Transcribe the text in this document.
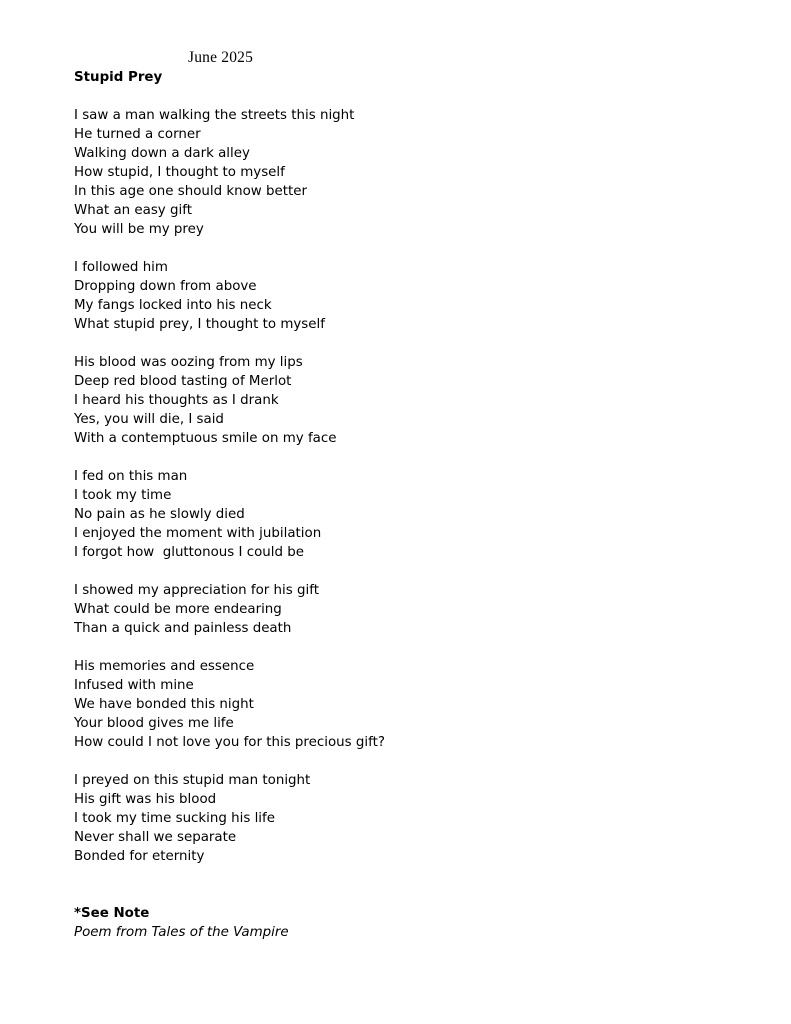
June 2025
Stupid Prey
I saw a man walking the streets this night
He turned a corner
Walking down a dark alley
How stupid, I thought to myself
In this age one should know better
What an easy gift
You will be my prey
I followed him
Dropping down from above
My fangs locked into his neck
What stupid prey, I thought to myself
His blood was oozing from my lips
Deep red blood tasting of Merlot
I heard his thoughts as I drank
Yes, you will die, I said
With a contemptuous smile on my face
I fed on this man
I took my time
No pain as he slowly died
I enjoyed the moment with jubilation
I forgot how  gluttonous I could be
I showed my appreciation for his gift
What could be more endearing
Than a quick and painless death
His memories and essence
Infused with mine
We have bonded this night
Your blood gives me life
How could I not love you for this precious gift?
I preyed on this stupid man tonight
His gift was his blood
I took my time sucking his life
Never shall we separate
Bonded for eternity
*See Note
Poem from Tales of the Vampire
